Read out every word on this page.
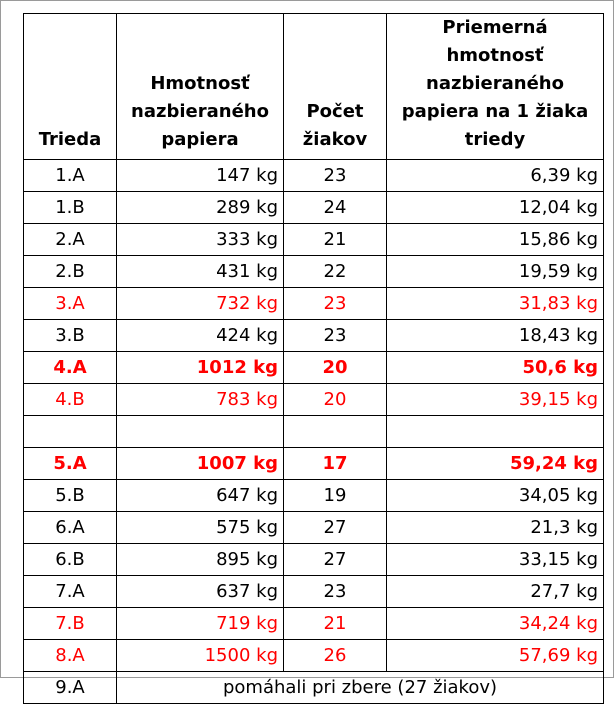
Trieda	Hmotnosť nazbieraného papiera	Počet žiakov	Priemerná hmotnosť nazbieraného papiera na 1 žiaka triedy
1.A	147 kg	23	6,39 kg
1.B	289 kg	24	12,04 kg
2.A	333 kg	21	15,86 kg
2.B	431 kg	22	19,59 kg
3.A	732 kg	23	31,83 kg
3.B	424 kg	23	18,43 kg
4.A	1012 kg	20	50,6 kg
4.B	783 kg	20	39,15 kg

5.A	1007 kg	17	59,24 kg
5.B	647 kg	19	34,05 kg
6.A	575 kg	27	21,3 kg
6.B	895 kg	27	33,15 kg
7.A	637 kg	23	27,7 kg
7.B	719 kg	21	34,24 kg
8.A	1500 kg	26	57,69 kg
9.A	pomáhali pri zbere (27 žiakov)		
